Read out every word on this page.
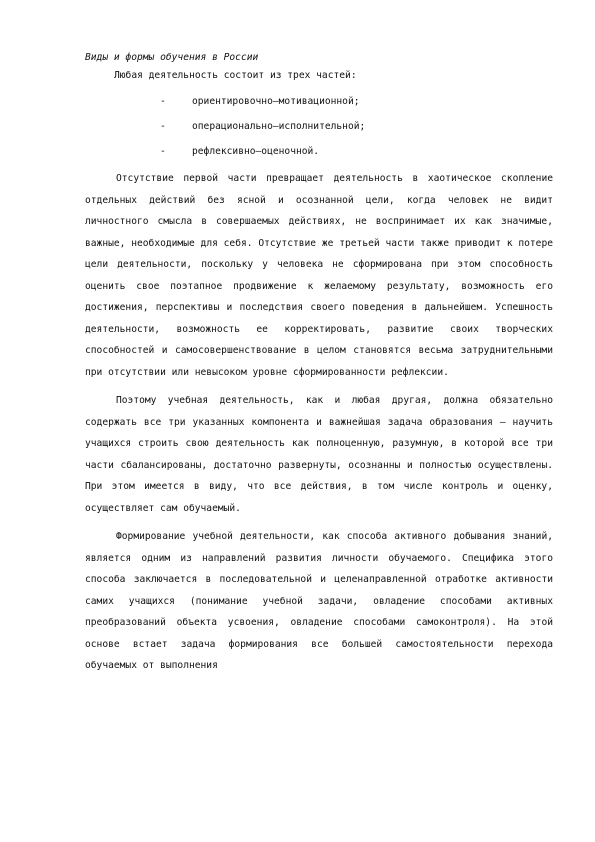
Виды и формы обучения в России
Любая деятельность состоит из трех частей:
-	ориентировочно–мотивационной;
-	операционально–исполнительной;
-	рефлексивно–оценочной.

Отсутствие первой части превращает деятельность в хаотическое скопление отдельных действий без ясной и осознанной цели, когда человек не видит личностного смысла в совершаемых действиях, не воспринимает их как значимые, важные, необходимые для себя. Отсутствие же третьей части также приводит к потере цели деятельности, поскольку у человека не сформирована при этом способность оценить свое поэтапное продвижение к желаемому результату, возможность его достижения, перспективы и последствия своего поведения в дальнейшем. Успешность деятельности, возможность ее корректировать, развитие своих творческих способностей и самосовершенствование в целом становятся весьма затруднительными при отсутствии или невысоком уровне сформированности рефлексии.

Поэтому учебная деятельность, как и любая другая, должна обязательно содержать все три указанных компонента и важнейшая задача образования – научить учащихся строить свою деятельность как полноценную, разумную, в которой все три части сбалансированы, достаточно развернуты, осознанны и полностью осуществлены. При этом имеется в виду, что все действия, в том числе контроль и оценку, осуществляет сам обучаемый.

Формирование учебной деятельности, как способа активного добывания знаний, является одним из направлений развития личности обучаемого. Специфика этого способа заключается в последовательной и целенаправленной отработке активности самих учащихся (понимание учебной задачи, овладение способами активных преобразований объекта усвоения, овладение способами самоконтроля). На этой основе встает задача формирования все большей самостоятельности перехода обучаемых от выполнения
